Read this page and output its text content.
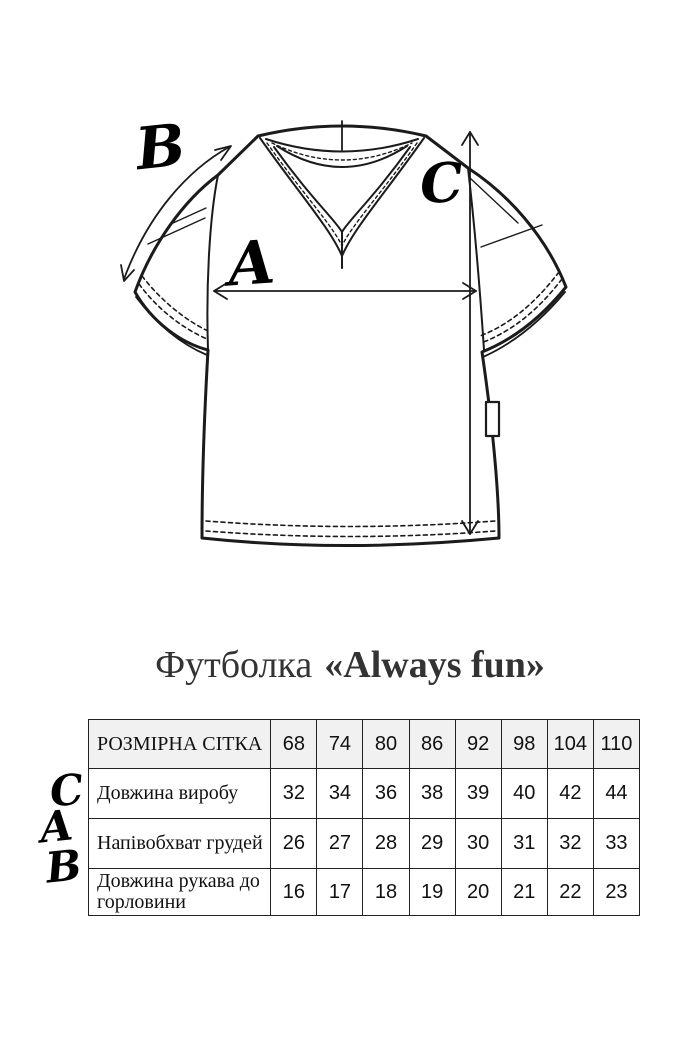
B
A
C
Футболка «Always fun»
РОЗМІРНА СІТКА	68	74	80	86	92	98	104	110
Довжина виробу	32	34	36	38	39	40	42	44
Напівобхват грудей	26	27	28	29	30	31	32	33
Довжина рукава до горловини	16	17	18	19	20	21	22	23
C
A
B
